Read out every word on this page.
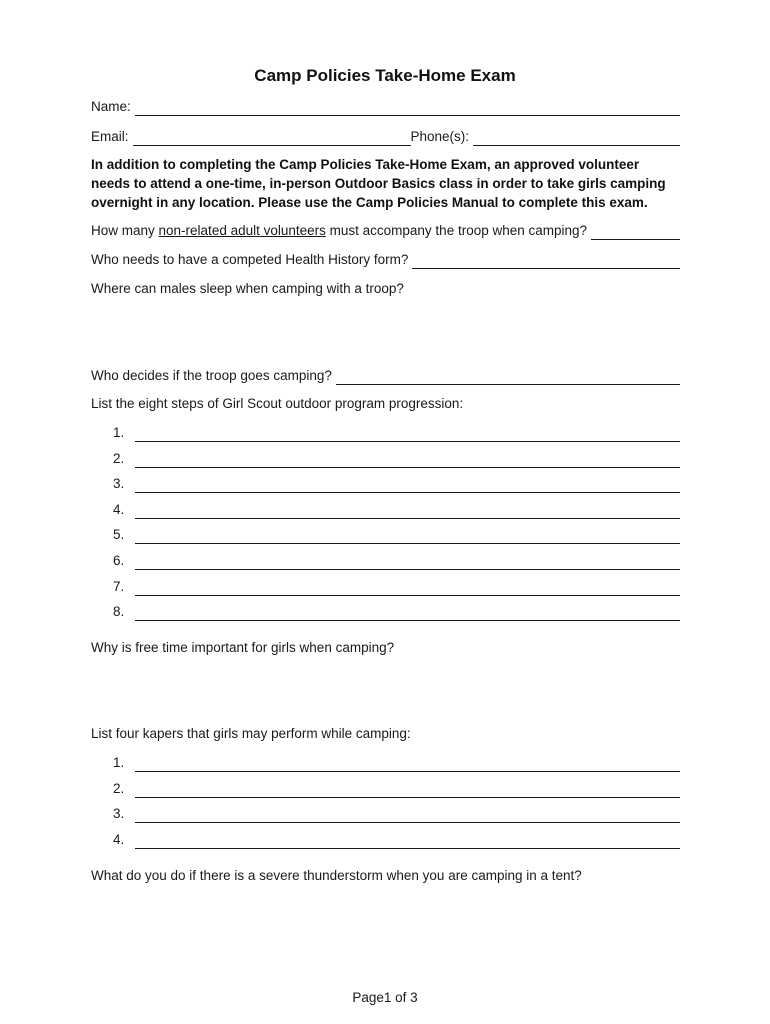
Camp Policies Take-Home Exam
Name:
Email:	Phone(s):
In addition to completing the Camp Policies Take-Home Exam, an approved volunteer needs to attend a one-time, in-person Outdoor Basics class in order to take girls camping overnight in any location. Please use the Camp Policies Manual to complete this exam.
How many non-related adult volunteers must accompany the troop when camping?
Who needs to have a competed Health History form?
Where can males sleep when camping with a troop?
Who decides if the troop goes camping?
List the eight steps of Girl Scout outdoor program progression:
1.
2.
3.
4.
5.
6.
7.
8.
Why is free time important for girls when camping?
List four kapers that girls may perform while camping:
1.
2.
3.
4.
What do you do if there is a severe thunderstorm when you are camping in a tent?
Page1 of 3
